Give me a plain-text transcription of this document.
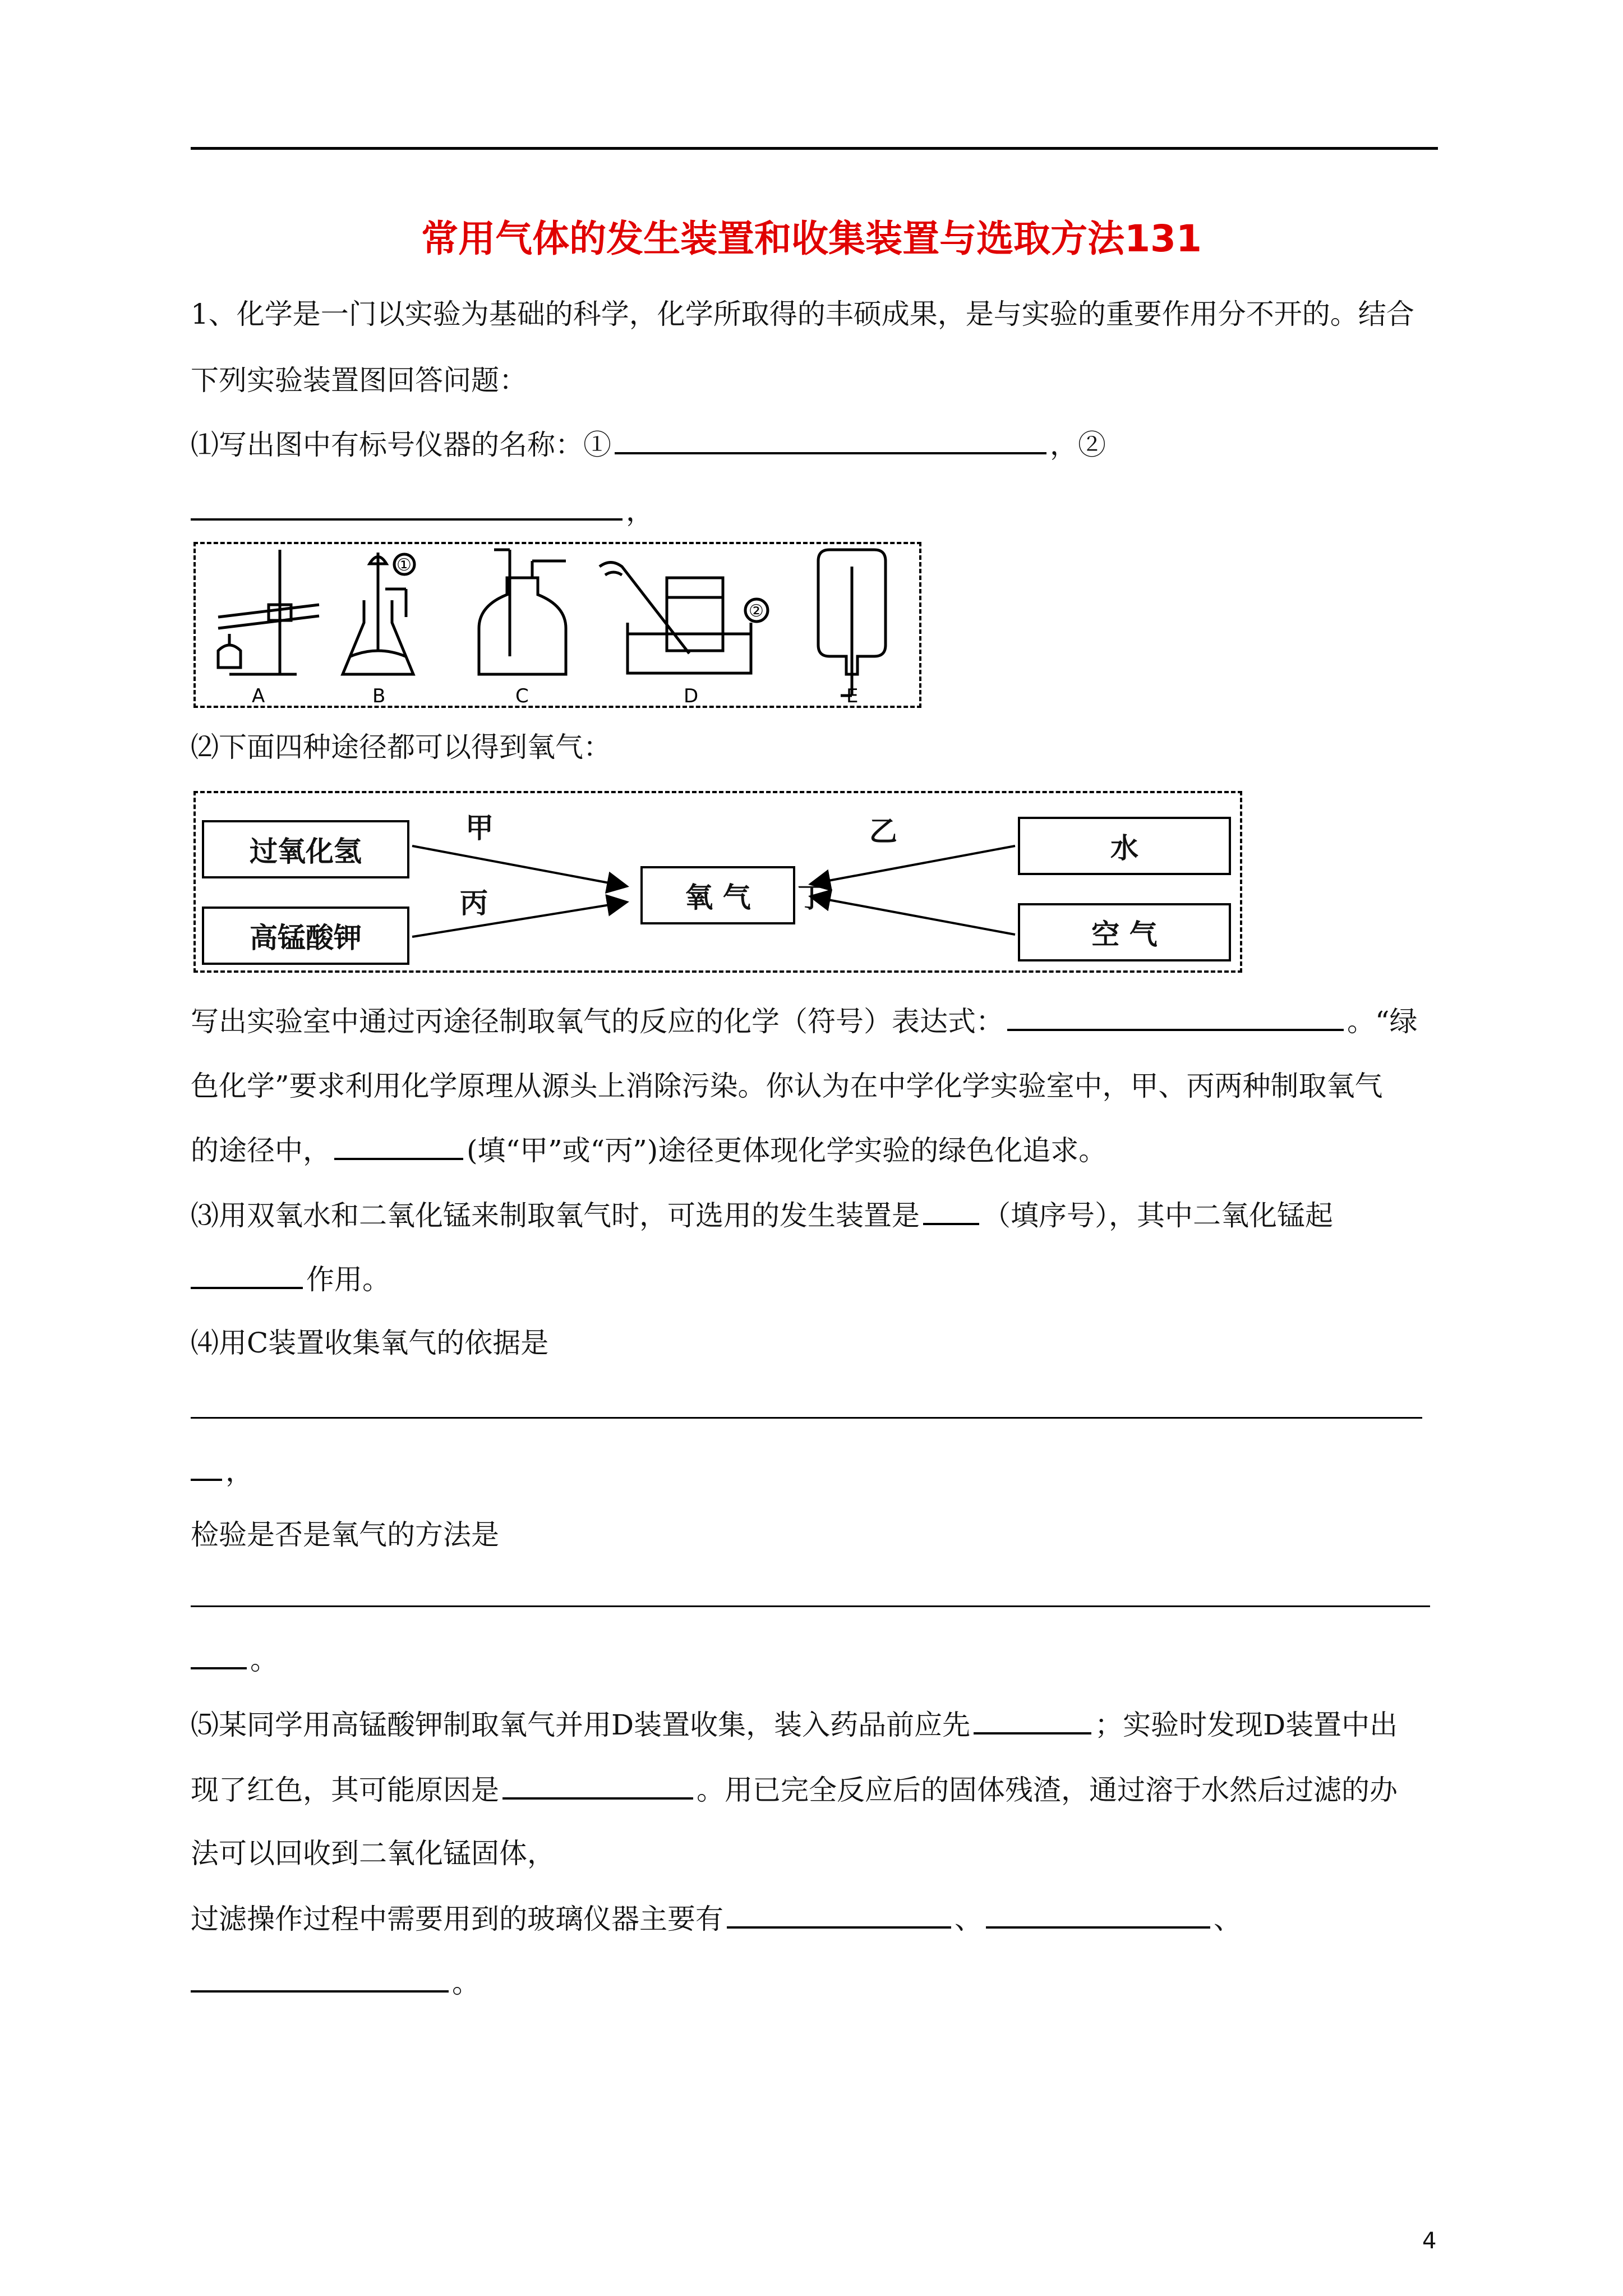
常用气体的发生装置和收集装置与选取方法131
1、化学是一门以实验为基础的科学，化学所取得的丰硕成果，是与实验的重要作用分不开的。结合
下列实验装置图回答问题：
⑴写出图中有标号仪器的名称：①	，②
，
A	B	C	D	E
①
②
⑵下面四种途径都可以得到氧气：
过氧化氢
高锰酸钾
氧 气
水
空 气
甲
丙
乙
丁
写出实验室中通过丙途径制取氧气的反应的化学（符号）表达式：	。“绿
色化学”要求利用化学原理从源头上消除污染。你认为在中学化学实验室中，甲、丙两种制取氧气
的途径中，	(填“甲”或“丙”)途径更体现化学实验的绿色化追求。
⑶用双氧水和二氧化锰来制取氧气时，可选用的发生装置是 （填序号），其中二氧化锰起
作用。
⑷用C装置收集氧气的依据是
，
检验是否是氧气的方法是
。
⑸某同学用高锰酸钾制取氧气并用D装置收集，装入药品前应先	；实验时发现D装置中出
现了红色，其可能原因是	。用已完全反应后的固体残渣，通过溶于水然后过滤的办
法可以回收到二氧化锰固体，
过滤操作过程中需要用到的玻璃仪器主要有	、	、
。
4
